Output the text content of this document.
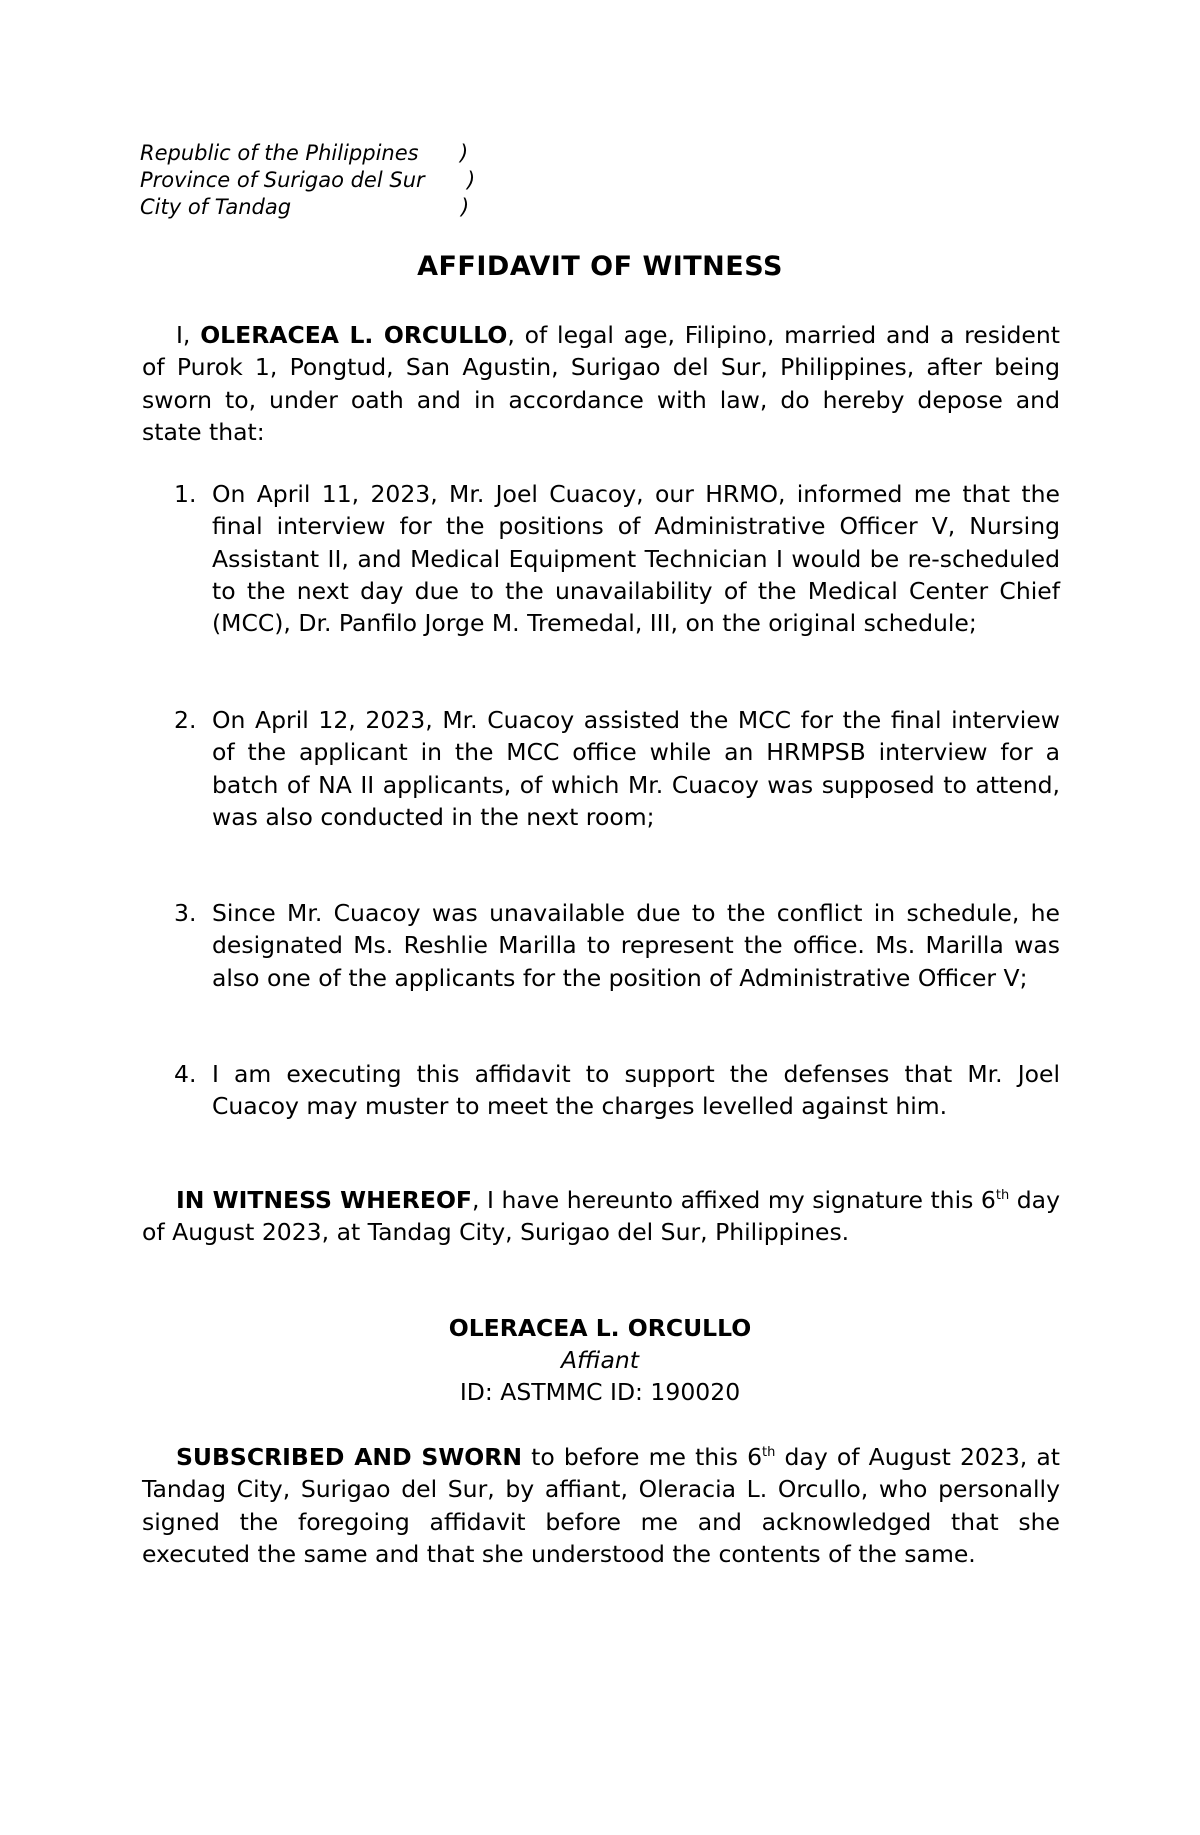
Republic of the Philippines )
Province of Surigao del Sur )
City of Tandag	)
AFFIDAVIT OF WITNESS

I, OLERACEA L. ORCULLO, of legal age, Filipino, married and a resident of Purok 1, Pongtud, San Agustin, Surigao del Sur, Philippines, after being sworn to, under oath and in accordance with law, do hereby depose and state that:

1. On April 11, 2023, Mr. Joel Cuacoy, our HRMO, informed me that the final interview for the positions of Administrative Officer V, Nursing Assistant II, and Medical Equipment Technician I would be re-scheduled to the next day due to the unavailability of the Medical Center Chief (MCC), Dr. Panfilo Jorge M. Tremedal, III, on the original schedule;
2. On April 12, 2023, Mr. Cuacoy assisted the MCC for the final interview of the applicant in the MCC office while an HRMPSB interview for a batch of NA II applicants, of which Mr. Cuacoy was supposed to attend, was also conducted in the next room;
3. Since Mr. Cuacoy was unavailable due to the conflict in schedule, he designated Ms. Reshlie Marilla to represent the office. Ms. Marilla was also one of the applicants for the position of Administrative Officer V;
4. I am executing this affidavit to support the defenses that Mr. Joel Cuacoy may muster to meet the charges levelled against him.

IN WITNESS WHEREOF, I have hereunto affixed my signature this 6th day of August 2023, at Tandag City, Surigao del Sur, Philippines.

OLERACEA L. ORCULLO
Affiant
ID: ASTMMC ID: 190020

SUBSCRIBED AND SWORN to before me this 6th day of August 2023, at Tandag City, Surigao del Sur, by affiant, Oleracia L. Orcullo, who personally signed the foregoing affidavit before me and acknowledged that she executed the same and that she understood the contents of the same.
